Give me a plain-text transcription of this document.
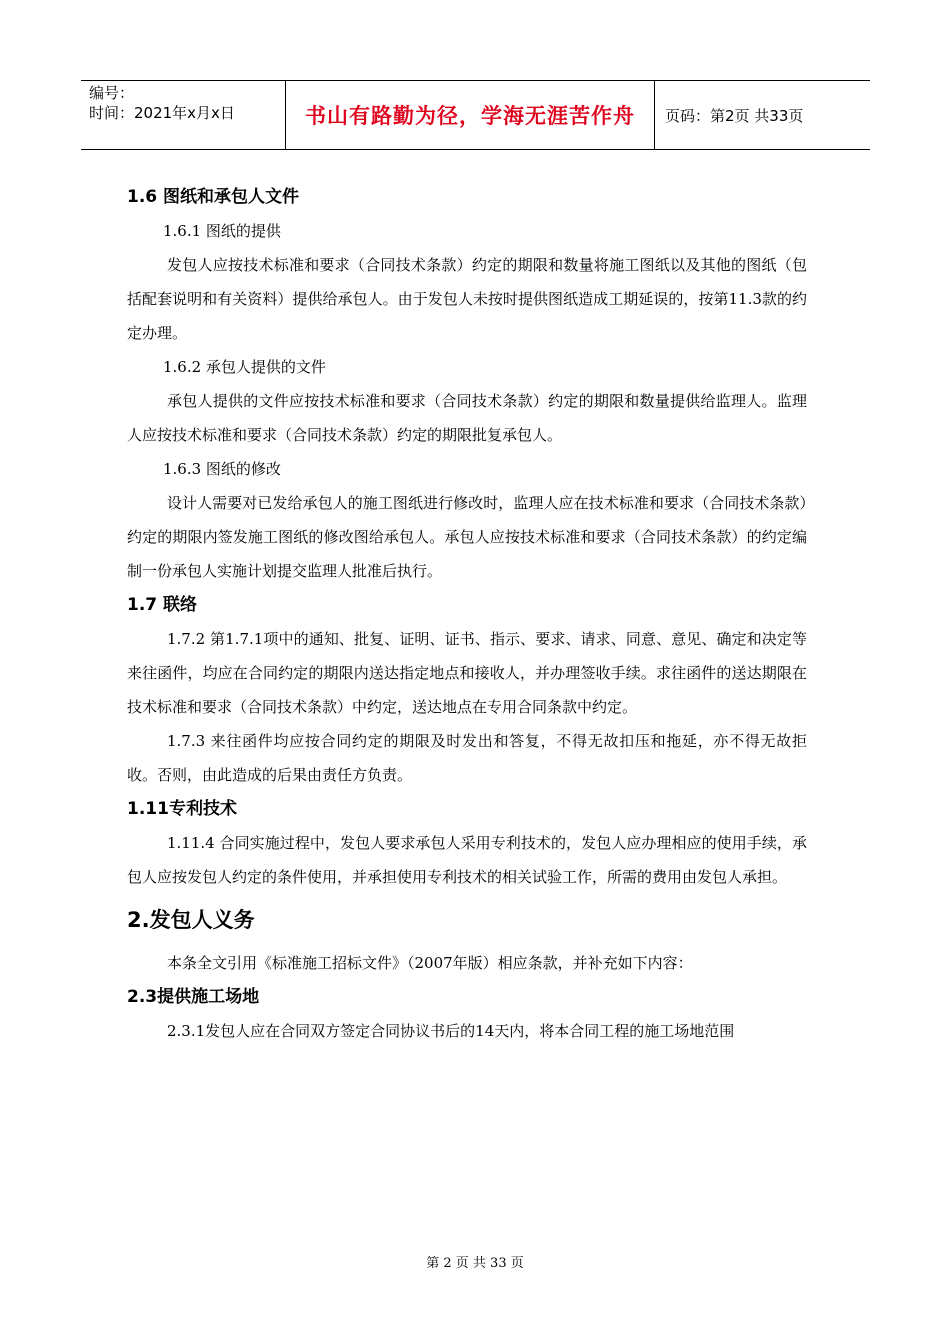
编号：
时间：2021年x月x日	书山有路勤为径，学海无涯苦作舟	页码：第2页 共33页
1.6 图纸和承包人文件
1.6.1 图纸的提供

发包人应按技术标准和要求（合同技术条款）约定的期限和数量将施工图纸以及其他的图纸（包括配套说明和有关资料）提供给承包人。由于发包人未按时提供图纸造成工期延误的，按第11.3款的约定办理。

1.6.2 承包人提供的文件

承包人提供的文件应按技术标准和要求（合同技术条款）约定的期限和数量提供给监理人。监理人应按技术标准和要求（合同技术条款）约定的期限批复承包人。

1.6.3 图纸的修改

设计人需要对已发给承包人的施工图纸进行修改时，监理人应在技术标准和要求（合同技术条款）约定的期限内签发施工图纸的修改图给承包人。承包人应按技术标准和要求（合同技术条款）的约定编制一份承包人实施计划提交监理人批准后执行。

1.7 联络

1.7.2 第1.7.1项中的通知、批复、证明、证书、指示、要求、请求、同意、意见、确定和决定等来往函件，均应在合同约定的期限内送达指定地点和接收人，并办理签收手续。求往函件的送达期限在技术标准和要求（合同技术条款）中约定，送达地点在专用合同条款中约定。

1.7.3 来往函件均应按合同约定的期限及时发出和答复，不得无故扣压和拖延，亦不得无故拒收。否则，由此造成的后果由责任方负责。

1.11专利技术

1.11.4 合同实施过程中，发包人要求承包人采用专利技术的，发包人应办理相应的使用手续，承包人应按发包人约定的条件使用，并承担使用专利技术的相关试验工作，所需的费用由发包人承担。

2.发包人义务

本条全文引用《标准施工招标文件》（2007年版）相应条款，并补充如下内容：

2.3提供施工场地

2.3.1发包人应在合同双方签定合同协议书后的14天内，将本合同工程的施工场地范围

第 2 页 共 33 页
